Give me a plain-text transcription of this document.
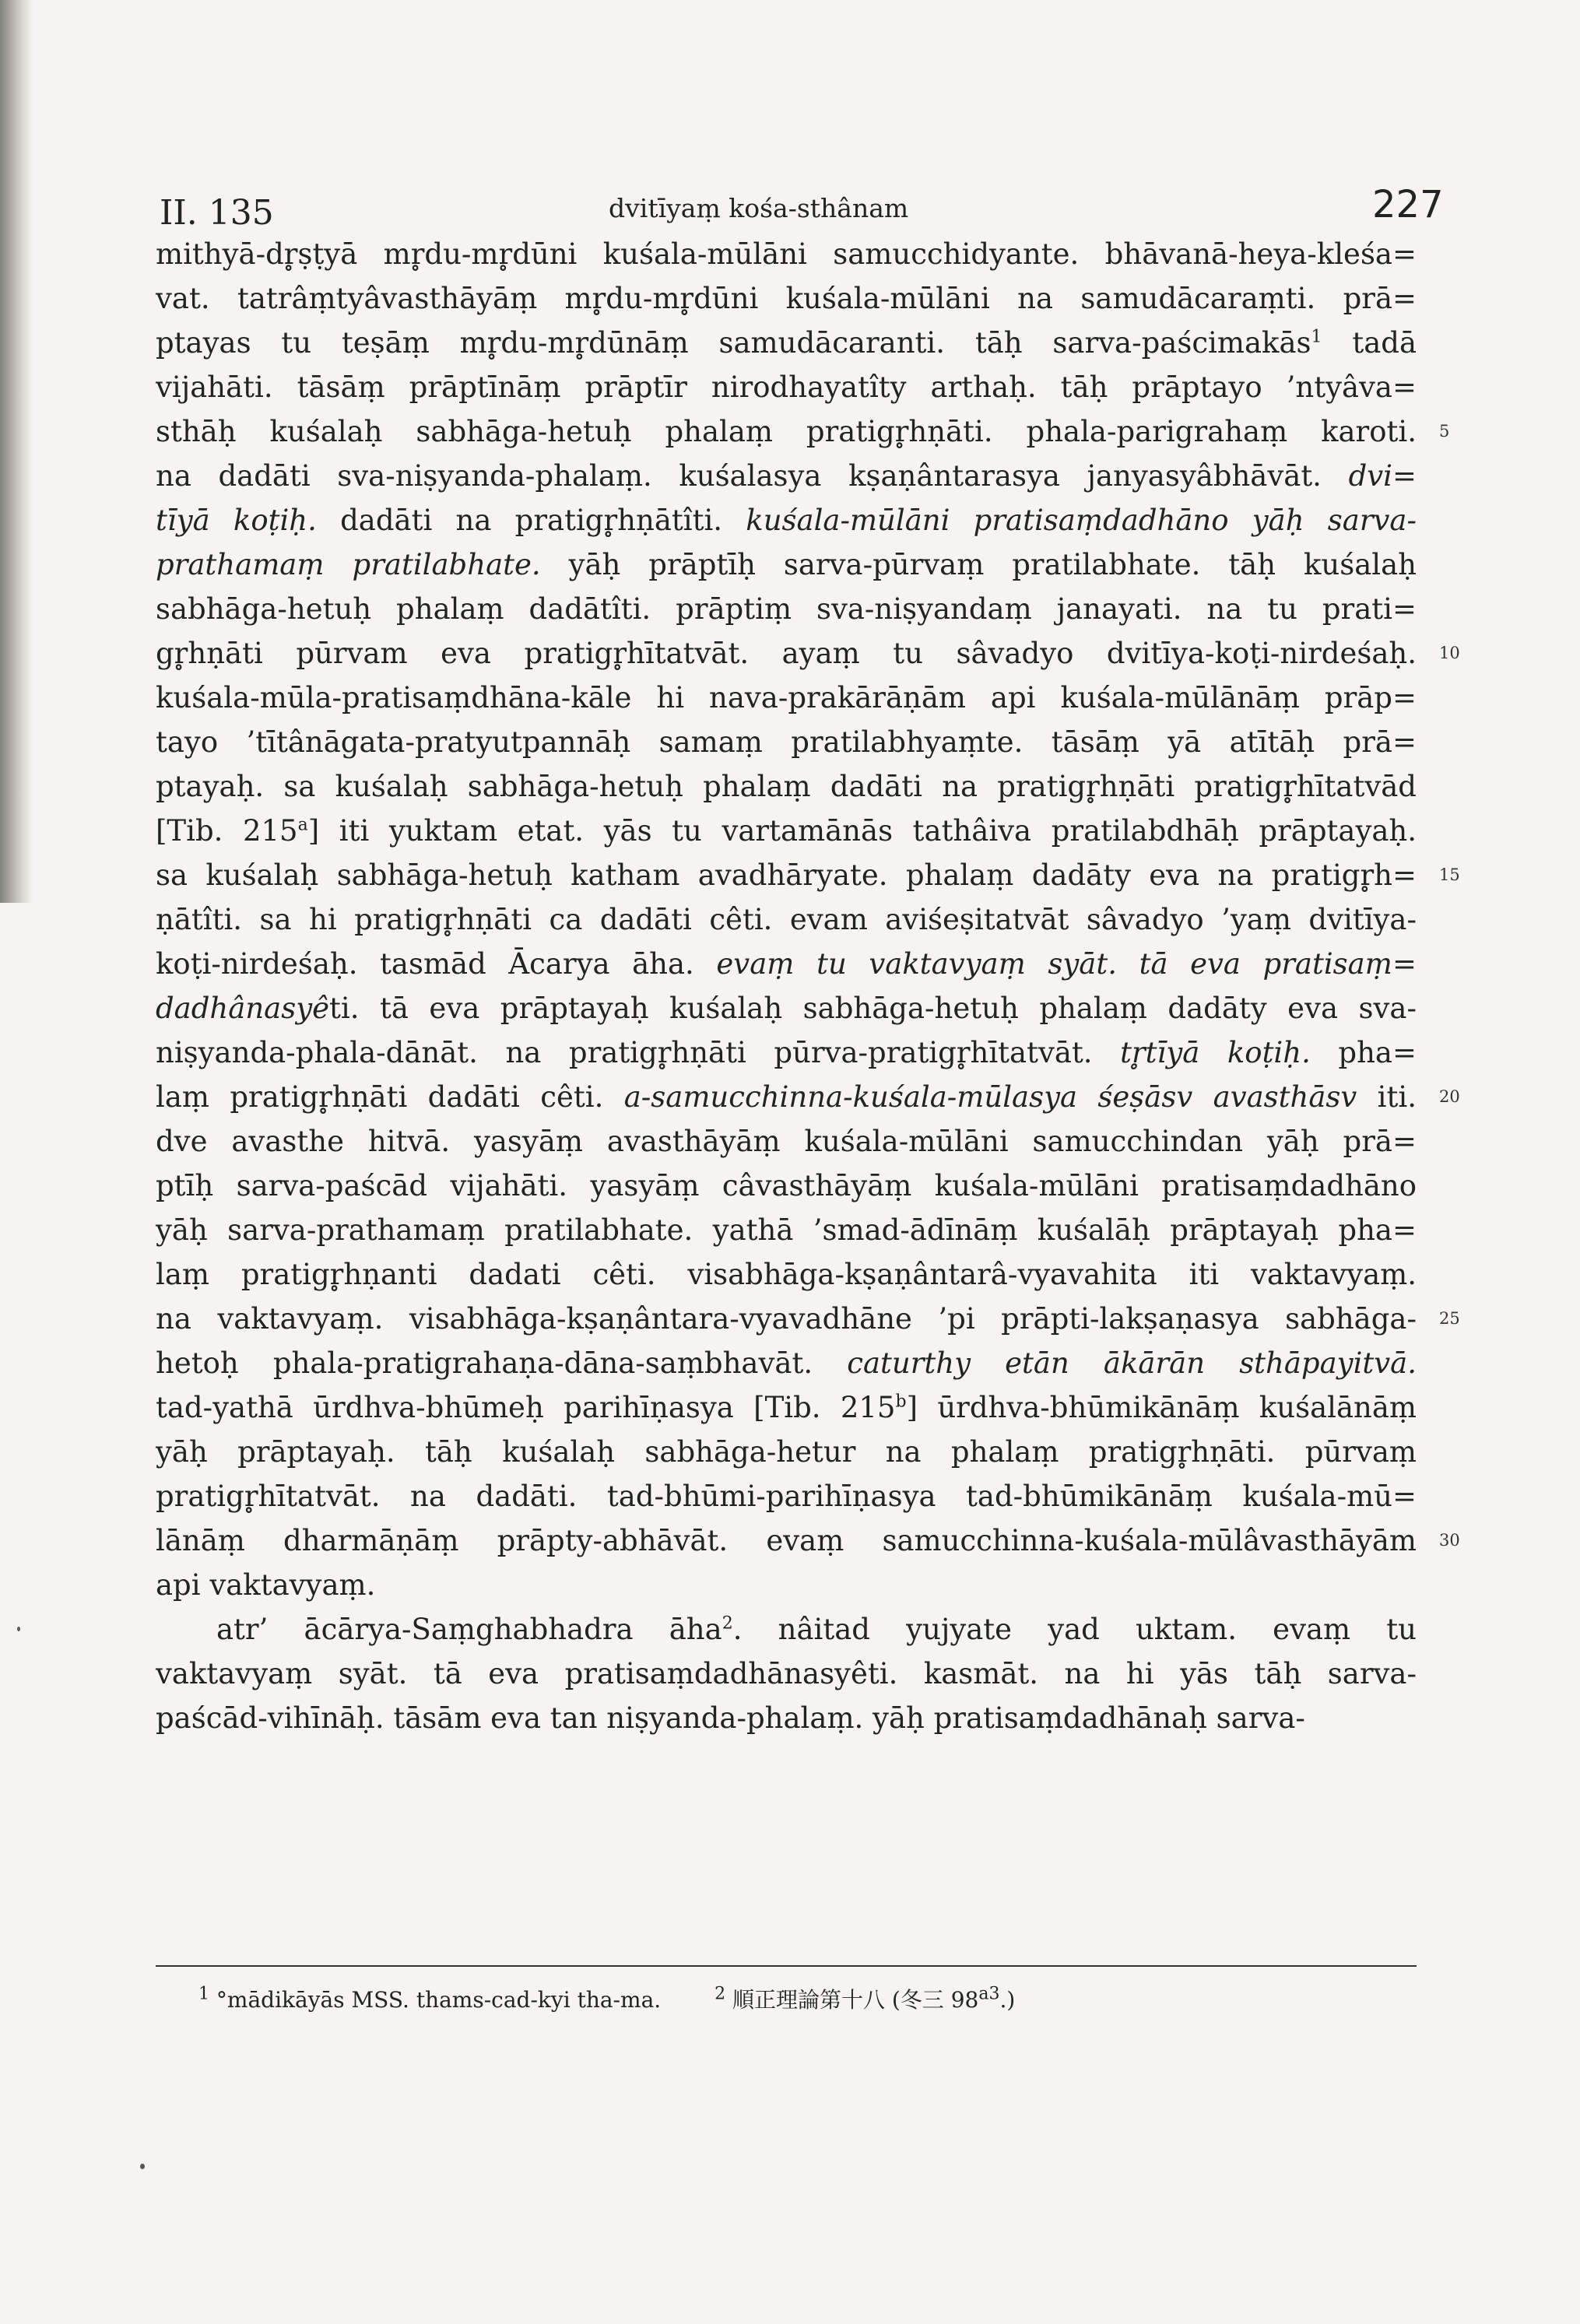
II. 135	dvitīyaṃ kośa-sthânam	227
mithyā-dr̥ṣṭyā mr̥du-mr̥dūni kuśala-mūlāni samucchidyante. bhāvanā-heya-kleśa=
vat. tatrâṃtyâvasthāyāṃ mr̥du-mr̥dūni kuśala-mūlāni na samudācaraṃti. prā=
ptayas tu teṣāṃ mr̥du-mr̥dūnāṃ samudācaranti. tāḥ sarva-paścimakās$^1$ tadā
vijahāti. tāsāṃ prāptīnāṃ prāptīr nirodhayatîty arthaḥ. tāḥ prāptayo ’ntyâva=
sthāḥ kuśalaḥ sabhāga-hetuḥ phalaṃ pratigr̥hṇāti. phala-parigrahaṃ karoti. 5
na dadāti sva-niṣyanda-phalaṃ. kuśalasya kṣaṇântarasya janyasyâbhāvāt. dvi=
tīyā koṭiḥ. dadāti na pratigr̥hṇātîti. kuśala-mūlāni pratisaṃdadhāno yāḥ sarva-
prathamaṃ pratilabhate. yāḥ prāptīḥ sarva-pūrvaṃ pratilabhate. tāḥ kuśalaḥ
sabhāga-hetuḥ phalaṃ dadātîti. prāptiṃ sva-niṣyandaṃ janayati. na tu prati=
gr̥hṇāti pūrvam eva pratigr̥hītatvāt. ayaṃ tu sâvadyo dvitīya-koṭi-nirdeśaḥ. 10
kuśala-mūla-pratisaṃdhāna-kāle hi nava-prakārāṇām api kuśala-mūlānāṃ prāp=
tayo ’tītânāgata-pratyutpannāḥ samaṃ pratilabhyaṃte. tāsāṃ yā atītāḥ prā=
ptayaḥ. sa kuśalaḥ sabhāga-hetuḥ phalaṃ dadāti na pratigr̥hṇāti pratigr̥hītatvād
[Tib. 215$^a$] iti yuktam etat. yās tu vartamānās tathâiva pratilabdhāḥ prāptayaḥ.
sa kuśalaḥ sabhāga-hetuḥ katham avadhāryate. phalaṃ dadāty eva na pratigr̥h= 15
ṇātîti. sa hi pratigr̥hṇāti ca dadāti cêti. evam aviśeṣitatvāt sâvadyo ’yaṃ dvitīya-
koṭi-nirdeśaḥ. tasmād Ācarya āha. evaṃ tu vaktavyaṃ syāt. tā eva pratisaṃ=
dadhânasyêti. tā eva prāptayaḥ kuśalaḥ sabhāga-hetuḥ phalaṃ dadāty eva sva-
niṣyanda-phala-dānāt. na pratigr̥hṇāti pūrva-pratigr̥hītatvāt. tr̥tīyā koṭiḥ. pha=
laṃ pratigr̥hṇāti dadāti cêti. a-samucchinna-kuśala-mūlasya śeṣāsv avasthāsv iti. 20
dve avasthe hitvā. yasyāṃ avasthāyāṃ kuśala-mūlāni samucchindan yāḥ prā=
ptīḥ sarva-paścād vijahāti. yasyāṃ câvasthāyāṃ kuśala-mūlāni pratisaṃdadhāno
yāḥ sarva-prathamaṃ pratilabhate. yathā ’smad-ādīnāṃ kuśalāḥ prāptayaḥ pha=
laṃ pratigr̥hṇanti dadati cêti. visabhāga-kṣaṇântarâ-vyavahita iti vaktavyaṃ.
na vaktavyaṃ. visabhāga-kṣaṇântara-vyavadhāne ’pi prāpti-lakṣaṇasya sabhāga- 25
hetoḥ phala-pratigrahaṇa-dāna-saṃbhavāt. caturthy etān ākārān sthāpayitvā.
tad-yathā ūrdhva-bhūmeḥ parihīṇasya [Tib. 215$^b$] ūrdhva-bhūmikānāṃ kuśalānāṃ
yāḥ prāptayaḥ. tāḥ kuśalaḥ sabhāga-hetur na phalaṃ pratigr̥hṇāti. pūrvaṃ
pratigr̥hītatvāt. na dadāti. tad-bhūmi-parihīṇasya tad-bhūmikānāṃ kuśala-mū=
lānāṃ dharmāṇāṃ prāpty-abhāvāt. evaṃ samucchinna-kuśala-mūlâvasthāyām 30
api vaktavyaṃ.
atr’ ācārya-Saṃghabhadra āha$^2$. nâitad yujyate yad uktam. evaṃ tu
vaktavyaṃ syāt. tā eva pratisaṃdadhānasyêti. kasmāt. na hi yās tāḥ sarva-
paścād-vihīnāḥ. tāsām eva tan niṣyanda-phalaṃ. yāḥ pratisaṃdadhānaḥ sarva-
$^1$ °mādikāyās MSS. thams-cad-kyi tha-ma.	$^2$ 順正理論第十八 (冬三 $98^{a3}$.)
